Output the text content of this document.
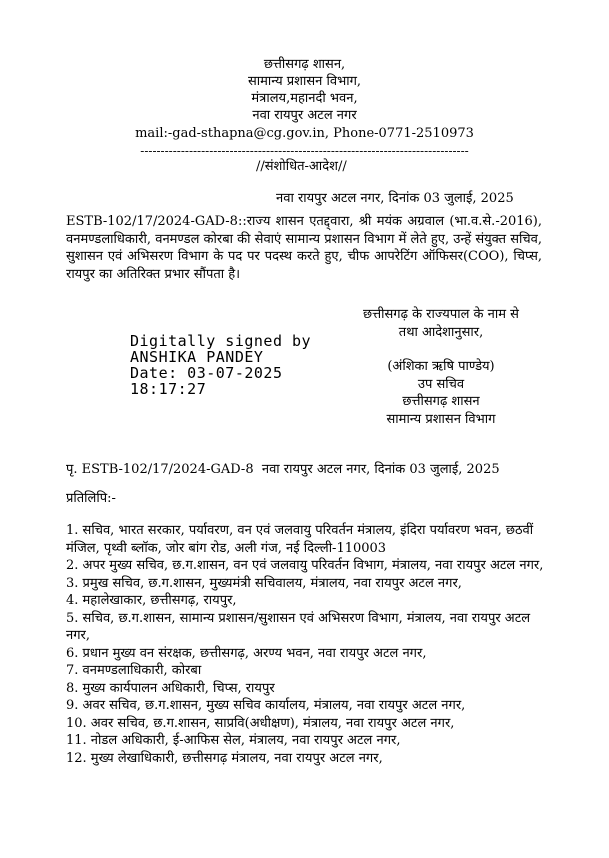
छत्तीसगढ़ शासन,
सामान्य प्रशासन विभाग,
मंत्रालय,महानदी भवन,
नवा रायपुर अटल नगर
mail:-gad-sthapna@cg.gov.in, Phone-0771-2510973
---------------------------------------------------------------------------------
//संशोधित-आदेश//
नवा रायपुर अटल नगर, दिनांक 03 जुलाई, 2025
ESTB-102/17/2024-GAD-8::राज्य शासन एतद्द्वारा, श्री मयंक अग्रवाल (भा.व.से.-2016), वनमण्डलाधिकारी, वनमण्डल कोरबा की सेवाएं सामान्य प्रशासन विभाग में लेते हुए, उन्हें संयुक्त सचिव, सुशासन एवं अभिसरण विभाग के पद पर पदस्थ करते हुए, चीफ आपरेटिंग ऑफिसर(COO), चिप्स, रायपुर का अतिरिक्त प्रभार सौंपता है।
छत्तीसगढ़ के राज्यपाल के नाम से
तथा आदेशानुसार,
Digitally signed by
ANSHIKA PANDEY
Date: 03-07-2025
18:17:27
(अंशिका ऋषि पाण्डेय)
उप सचिव
छत्तीसगढ़ शासन
सामान्य प्रशासन विभाग
पृ. ESTB-102/17/2024-GAD-8  नवा रायपुर अटल नगर, दिनांक 03 जुलाई, 2025
प्रतिलिपि:-
1. सचिव, भारत सरकार, पर्यावरण, वन एवं जलवायु परिवर्तन मंत्रालय, इंदिरा पर्यावरण भवन, छठवीं मंजिल, पृथ्वी ब्लॉक, जोर बांग रोड, अली गंज, नई दिल्ली-110003
2. अपर मुख्य सचिव, छ.ग.शासन, वन एवं जलवायु परिवर्तन विभाग, मंत्रालय, नवा रायपुर अटल नगर,
3. प्रमुख सचिव, छ.ग.शासन, मुख्यमंत्री सचिवालय, मंत्रालय, नवा रायपुर अटल नगर,
4. महालेखाकार, छत्तीसगढ़, रायपुर,
5. सचिव, छ.ग.शासन, सामान्य प्रशासन/सुशासन एवं अभिसरण विभाग, मंत्रालय, नवा रायपुर अटल नगर,
6. प्रधान मुख्य वन संरक्षक, छत्तीसगढ़, अरण्य भवन, नवा रायपुर अटल नगर,
7. वनमण्डलाधिकारी, कोरबा
8. मुख्य कार्यपालन अधिकारी, चिप्स, रायपुर
9. अवर सचिव, छ.ग.शासन, मुख्य सचिव कार्यालय, मंत्रालय, नवा रायपुर अटल नगर,
10. अवर सचिव, छ.ग.शासन, साप्रवि(अधीक्षण), मंत्रालय, नवा रायपुर अटल नगर,
11. नोडल अधिकारी, ई-आफिस सेल, मंत्रालय, नवा रायपुर अटल नगर,
12. मुख्य लेखाधिकारी, छत्तीसगढ़ मंत्रालय, नवा रायपुर अटल नगर,
